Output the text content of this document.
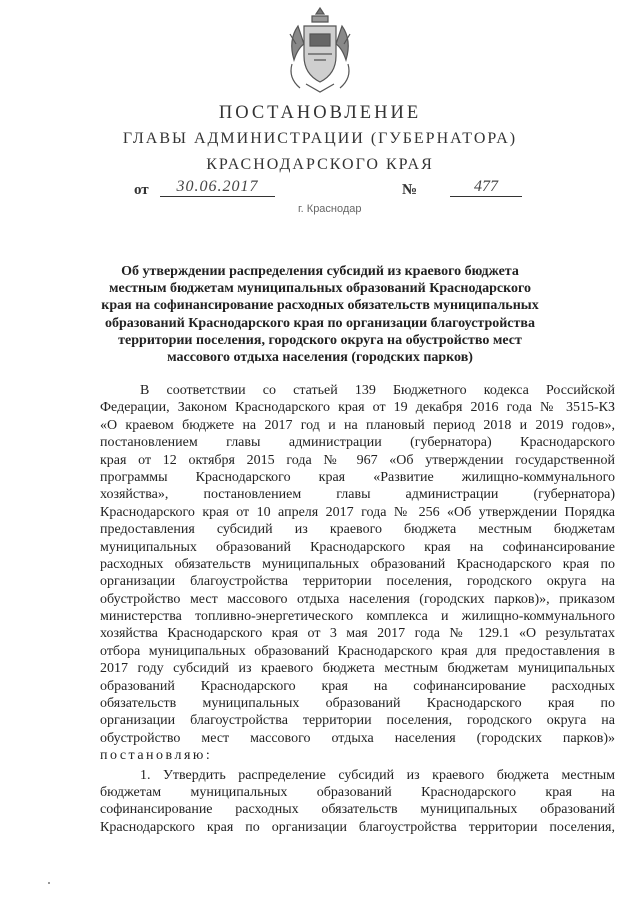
ПОСТАНОВЛЕНИЕ
ГЛАВЫ АДМИНИСТРАЦИИ (ГУБЕРНАТОРА)
КРАСНОДАРСКОГО КРАЯ
от	30.06.2017	№	477
г. Краснодар
Об утверждении распределения субсидий из краевого бюджета местным бюджетам муниципальных образований Краснодарского края на софинансирование расходных обязательств муниципальных образований Краснодарского края по организации благоустройства территории поселения, городского округа на обустройство мест массового отдыха населения (городских парков)
В соответствии со статьей 139 Бюджетного кодекса Российской
Федерации, Законом Краснодарского края от 19 декабря 2016 года № 3515-КЗ
«О краевом бюджете на 2017 год и на плановый период 2018 и 2019 годов»,
постановлением главы администрации (губернатора) Краснодарского
края от 12 октября 2015 года № 967 «Об утверждении государственной
программы Краснодарского края «Развитие жилищно-коммунального
хозяйства», постановлением главы администрации (губернатора)
Краснодарского края от 10 апреля 2017 года № 256 «Об утверждении Порядка
предоставления субсидий из краевого бюджета местным бюджетам
муниципальных образований Краснодарского края на софинансирование
расходных обязательств муниципальных образований Краснодарского края по
организации благоустройства территории поселения, городского округа на
обустройство мест массового отдыха населения (городских парков)», приказом
министерства топливно-энергетического комплекса и жилищно-коммунального
хозяйства Краснодарского края от 3 мая 2017 года № 129.1 «О результатах
отбора муниципальных образований Краснодарского края для предоставления в
2017 году субсидий из краевого бюджета местным бюджетам муниципальных
образований Краснодарского края на софинансирование расходных
обязательств муниципальных образований Краснодарского края по
организации благоустройства территории поселения, городского округа на
обустройство мест массового отдыха населения (городских парков)»
постановляю:
1. Утвердить распределение субсидий из краевого бюджета местным
бюджетам муниципальных образований Краснодарского края на
софинансирование расходных обязательств муниципальных образований
Краснодарского края по организации благоустройства территории поселения,
